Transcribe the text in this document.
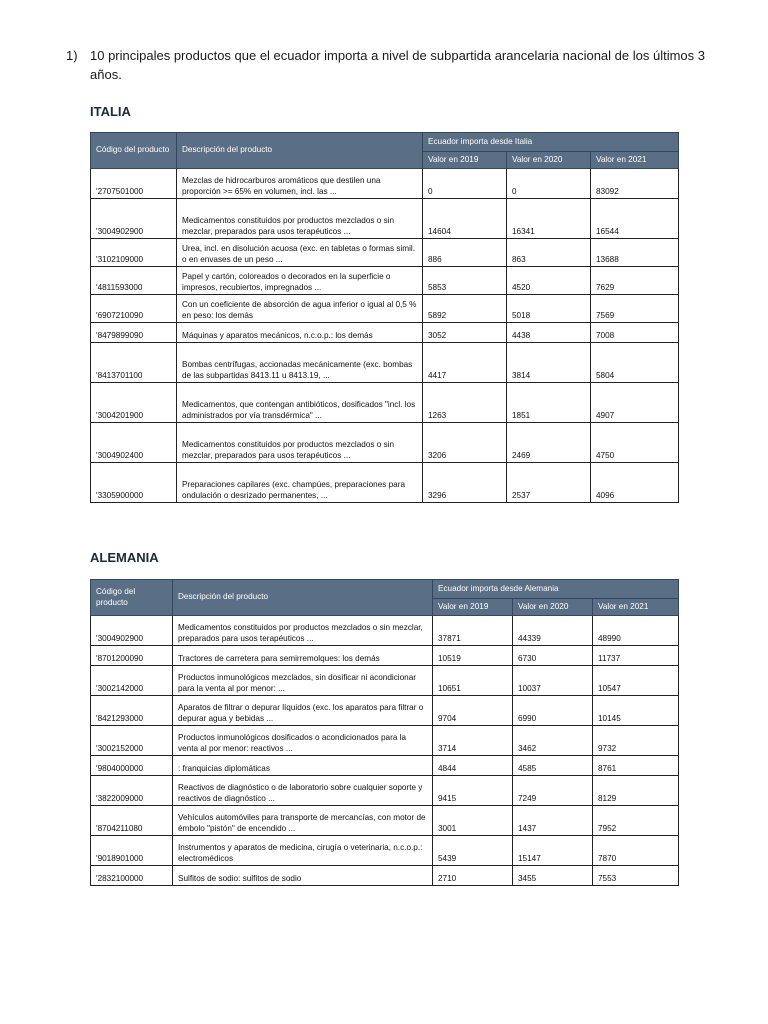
1) 10 principales productos que el ecuador importa a nivel de subpartida arancelaria nacional de los últimos 3 años.
ITALIA
Código del producto	Descripción del producto	Ecuador importa desde Italia		
		Valor en 2019	Valor en 2020	Valor en 2021
'2707501000	Mezclas de hidrocarburos aromáticos que destilen una proporción >= 65% en volumen, incl. las ...	0	0	83092
'3004902900	Medicamentos constituidos por productos mezclados o sin mezclar, preparados para usos terapéuticos ...	14604	16341	16544
'3102109000	Urea, incl. en disolución acuosa (exc. en tabletas o formas simil. o en envases de un peso ...	886	863	13688
'4811593000	Papel y cartón, coloreados o decorados en la superficie o impresos, recubiertos, impregnados ...	5853	4520	7629
'6907210090	Con un coeficiente de absorción de agua inferior o igual al 0,5 % en peso: los demás	5892	5018	7569
'8479899090	Máquinas y aparatos mecánicos, n.c.o.p.: los demás	3052	4438	7008
'8413701100	Bombas centrífugas, accionadas mecánicamente (exc. bombas de las subpartidas 8413.11 u 8413.19, ...	4417	3814	5804
'3004201900	Medicamentos, que contengan antibióticos, dosificados "incl. los administrados por vía transdérmica" ...	1263	1851	4907
'3004902400	Medicamentos constituidos por productos mezclados o sin mezclar, preparados para usos terapéuticos ...	3206	2469	4750
'3305900000	Preparaciones capilares (exc. champúes, preparaciones para ondulación o desrizado permanentes, ...	3296	2537	4096
ALEMANIA
Código del producto	Descripción del producto	Ecuador importa desde Alemania		
		Valor en 2019	Valor en 2020	Valor en 2021
'3004902900	Medicamentos constituidos por productos mezclados o sin mezclar, preparados para usos terapéuticos ...	37871	44339	48990
'8701200090	Tractores de carretera para semirremolques: los demás	10519	6730	11737
'3002142000	Productos inmunológicos mezclados, sin dosificar ni acondicionar para la venta al por menor: ...	10651	10037	10547
'8421293000	Aparatos de filtrar o depurar líquidos (exc. los aparatos para filtrar o depurar agua y bebidas ...	9704	6990	10145
'3002152000	Productos inmunológicos dosificados o acondicionados para la venta al por menor: reactivos ...	3714	3462	9732
'9804000000	: franquicias diplomáticas	4844	4585	8761
'3822009000	Reactivos de diagnóstico o de laboratorio sobre cualquier soporte y reactivos de diagnóstico ...	9415	7249	8129
'8704211080	Vehículos automóviles para transporte de mercancías, con motor de émbolo "pistón" de encendido ...	3001	1437	7952
'9018901000	Instrumentos y aparatos de medicina, cirugía o veterinaria, n.c.o.p.: electromédicos	5439	15147	7870
'2832100000	Sulfitos de sodio: sulfitos de sodio	2710	3455	7553
